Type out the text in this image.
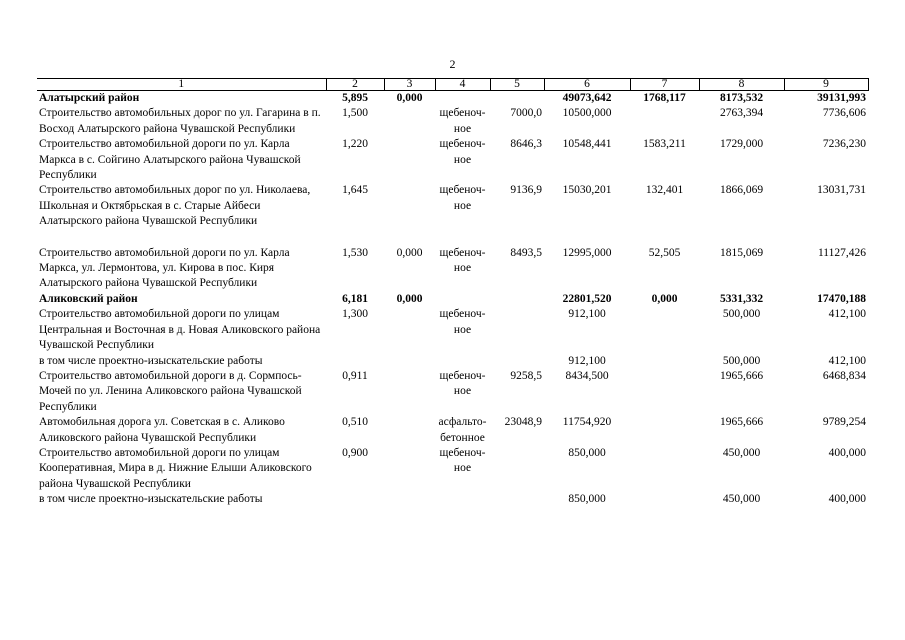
2
1	2	3	4	5	6	7	8	9
Алатырский район	5,895	0,000			49073,642	1768,117	8173,532	39131,993
Строительство автомобильных дорог по ул. Гагарина в п. Восход Алатырского района Чувашской Республики	1,500		щебеноч-ное	7000,0	10500,000		2763,394	7736,606
Строительство автомобильной дороги по ул. Карла Маркса в с. Сойгино Алатырского района Чувашской Республики	1,220		щебеноч-ное	8646,3	10548,441	1583,211	1729,000	7236,230
Строительство автомобильных дорог по ул. Николаева, Школьная и Октябрьская в с. Старые Айбеси Алатырского района Чувашской Республики	1,645		щебеноч-ное	9136,9	15030,201	132,401	1866,069	13031,731
Строительство автомобильной дороги по ул. Карла Маркса, ул. Лермонтова, ул. Кирова в пос. Киря Алатырского района Чувашской Республики	1,530	0,000	щебеноч-ное	8493,5	12995,000	52,505	1815,069	11127,426
Аликовский район	6,181	0,000			22801,520	0,000	5331,332	17470,188
Строительство автомобильной дороги по улицам Центральная и Восточная в д. Новая Аликовского района Чувашской Республики	1,300		щебеноч-ное		912,100		500,000	412,100
в том числе проектно-изыскательские работы					912,100		500,000	412,100
Строительство автомобильной дороги в д. Сормпось-Мочей по ул. Ленина Аликовского района Чувашской Республики	0,911		щебеноч-ное	9258,5	8434,500		1965,666	6468,834
Автомобильная дорога ул. Советская в с. Аликово Аликовского района Чувашской Республики	0,510		асфальто-бетонное	23048,9	11754,920		1965,666	9789,254
Строительство автомобильной дороги по улицам Кооперативная, Мира в д. Нижние Елыши Аликовского района Чувашской Республики	0,900		щебеноч-ное		850,000		450,000	400,000
в том числе проектно-изыскательские работы					850,000		450,000	400,000
